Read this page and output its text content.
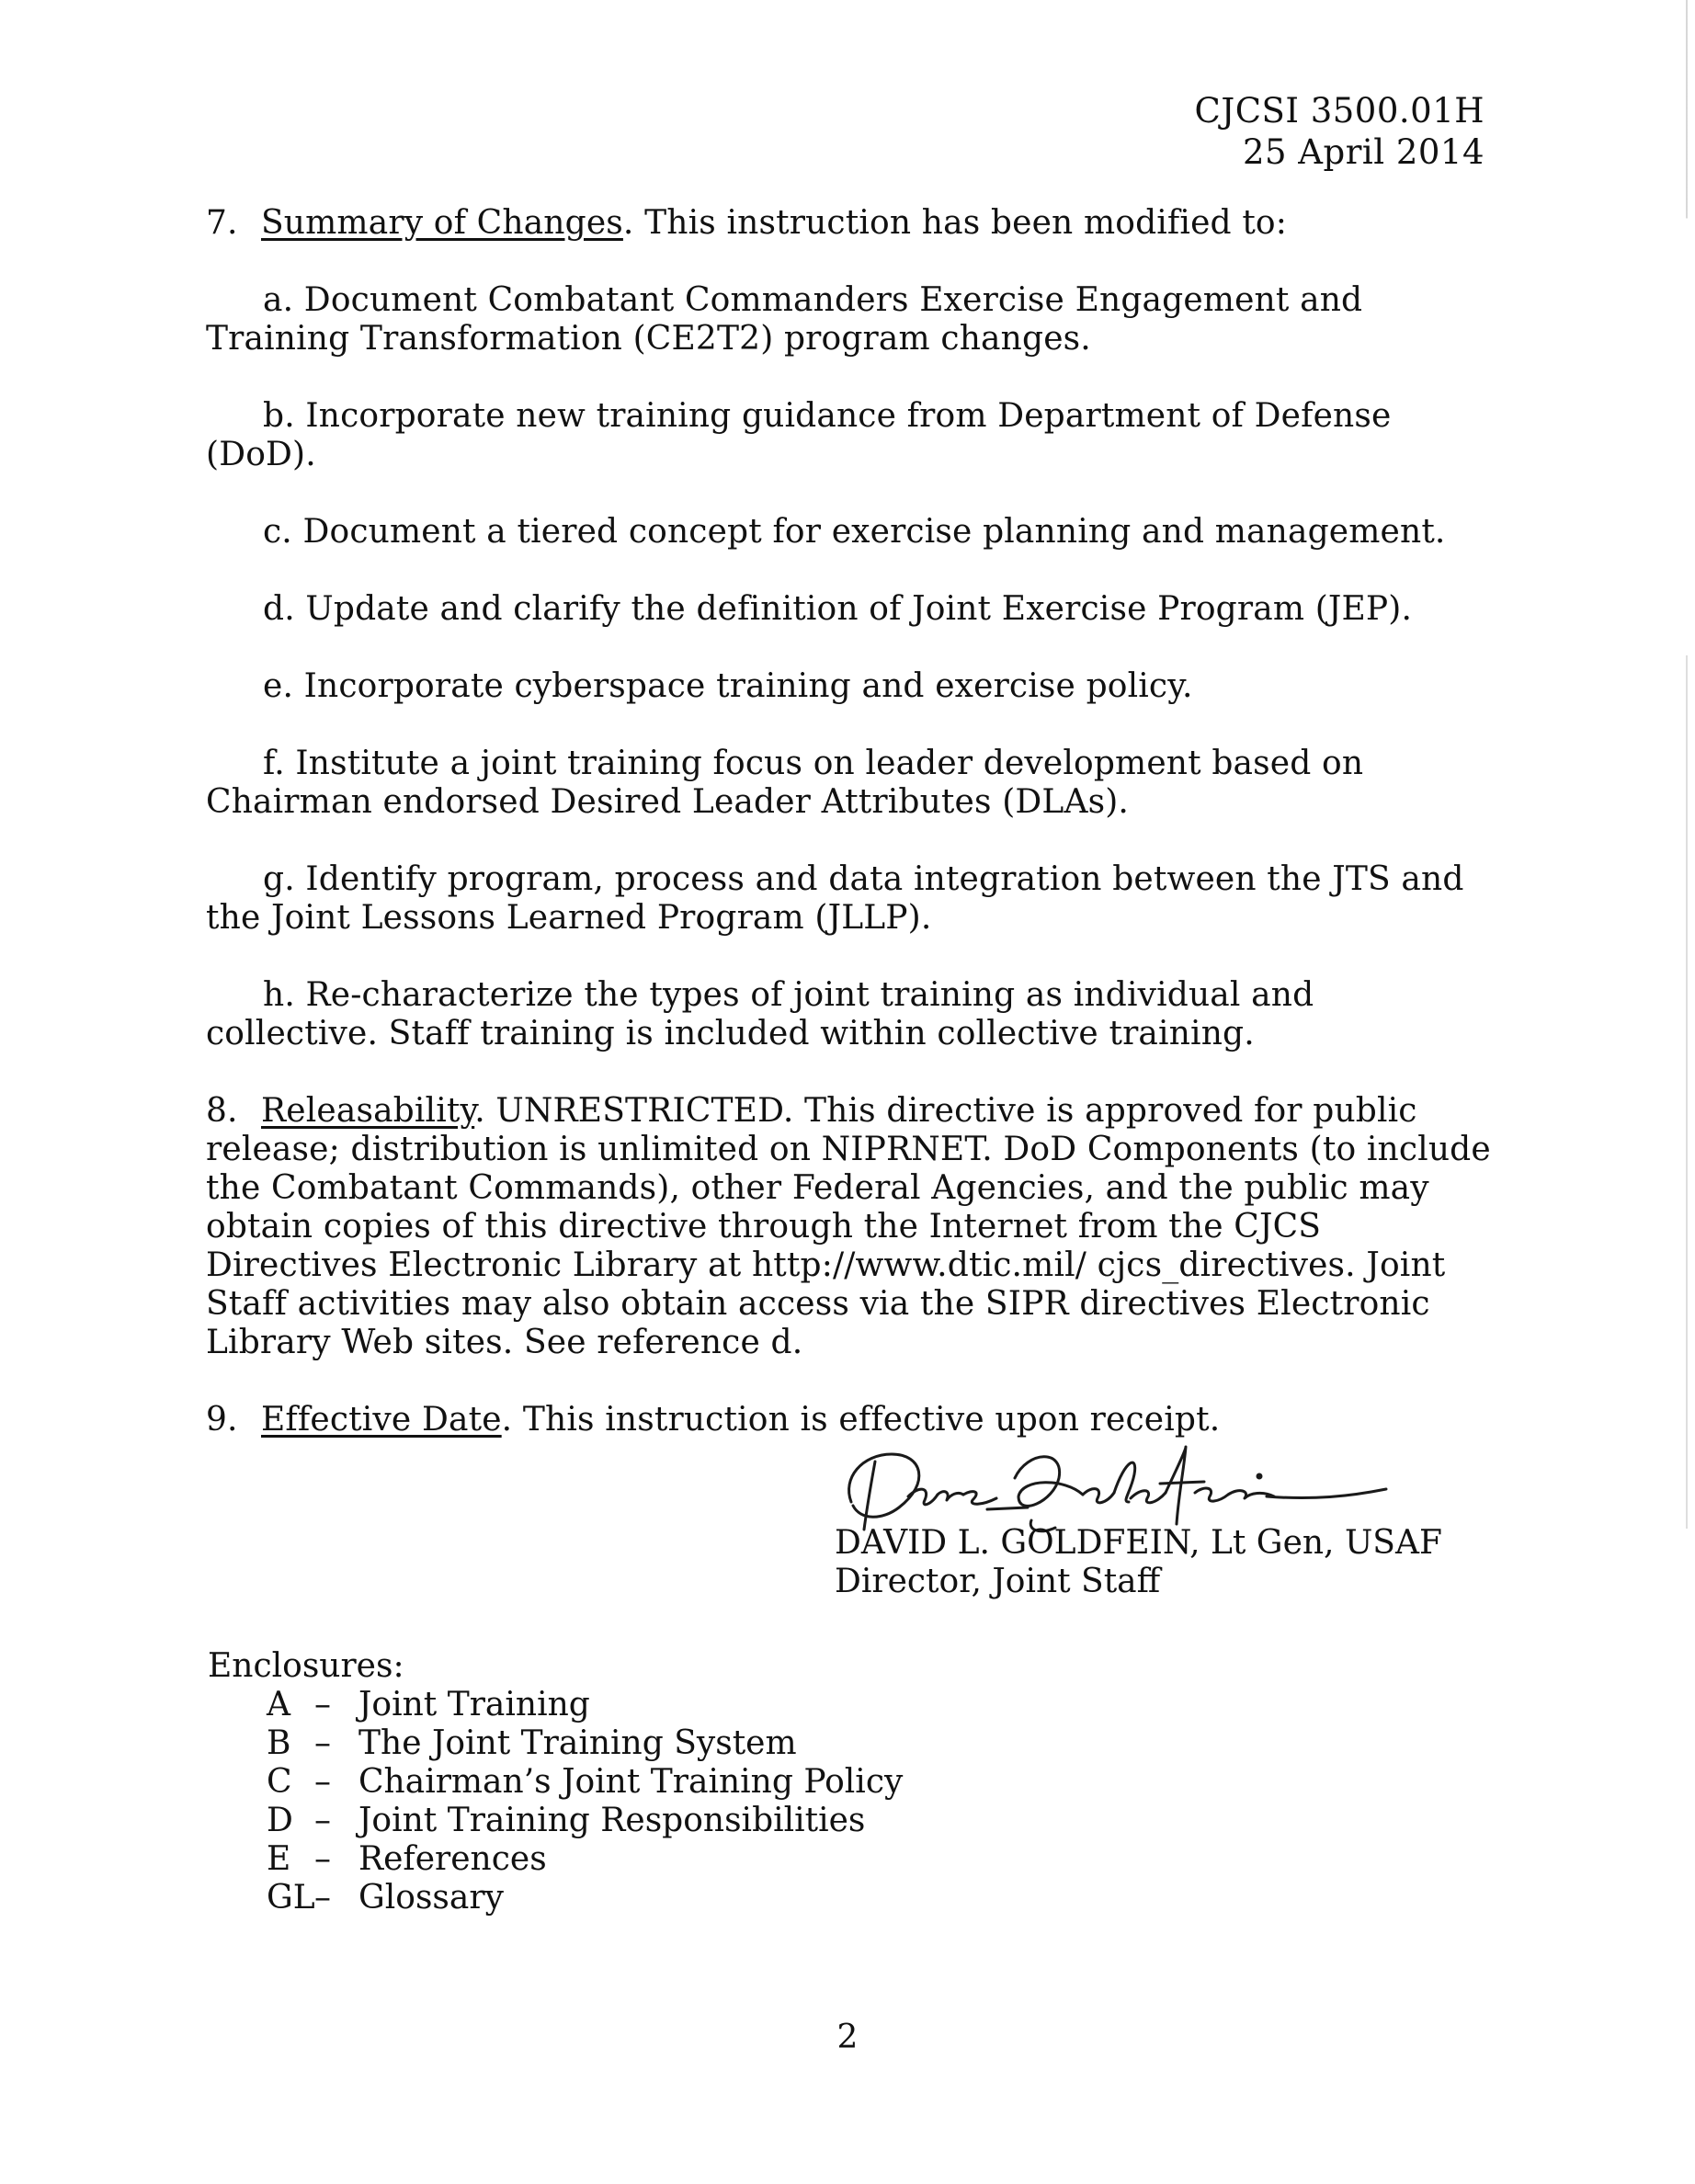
CJCSI 3500.01H
25 April 2014

7. Summary of Changes. This instruction has been modified to:

a. Document Combatant Commanders Exercise Engagement and Training Transformation (CE2T2) program changes.

b. Incorporate new training guidance from Department of Defense (DoD).

c. Document a tiered concept for exercise planning and management.

d. Update and clarify the definition of Joint Exercise Program (JEP).

e. Incorporate cyberspace training and exercise policy.

f. Institute a joint training focus on leader development based on Chairman endorsed Desired Leader Attributes (DLAs).

g. Identify program, process and data integration between the JTS and the Joint Lessons Learned Program (JLLP).

h. Re-characterize the types of joint training as individual and collective. Staff training is included within collective training.

8. Releasability. UNRESTRICTED. This directive is approved for public release; distribution is unlimited on NIPRNET. DoD Components (to include the Combatant Commands), other Federal Agencies, and the public may obtain copies of this directive through the Internet from the CJCS Directives Electronic Library at http://www.dtic.mil/ cjcs_directives. Joint Staff activities may also obtain access via the SIPR directives Electronic Library Web sites. See reference d.

9. Effective Date. This instruction is effective upon receipt.

DAVID L. GOLDFEIN, Lt Gen, USAF
Director, Joint Staff
Enclosures:
A – Joint Training
B – The Joint Training System
C – Chairman’s Joint Training Policy
D – Joint Training Responsibilities
E – References
GL – Glossary
2
